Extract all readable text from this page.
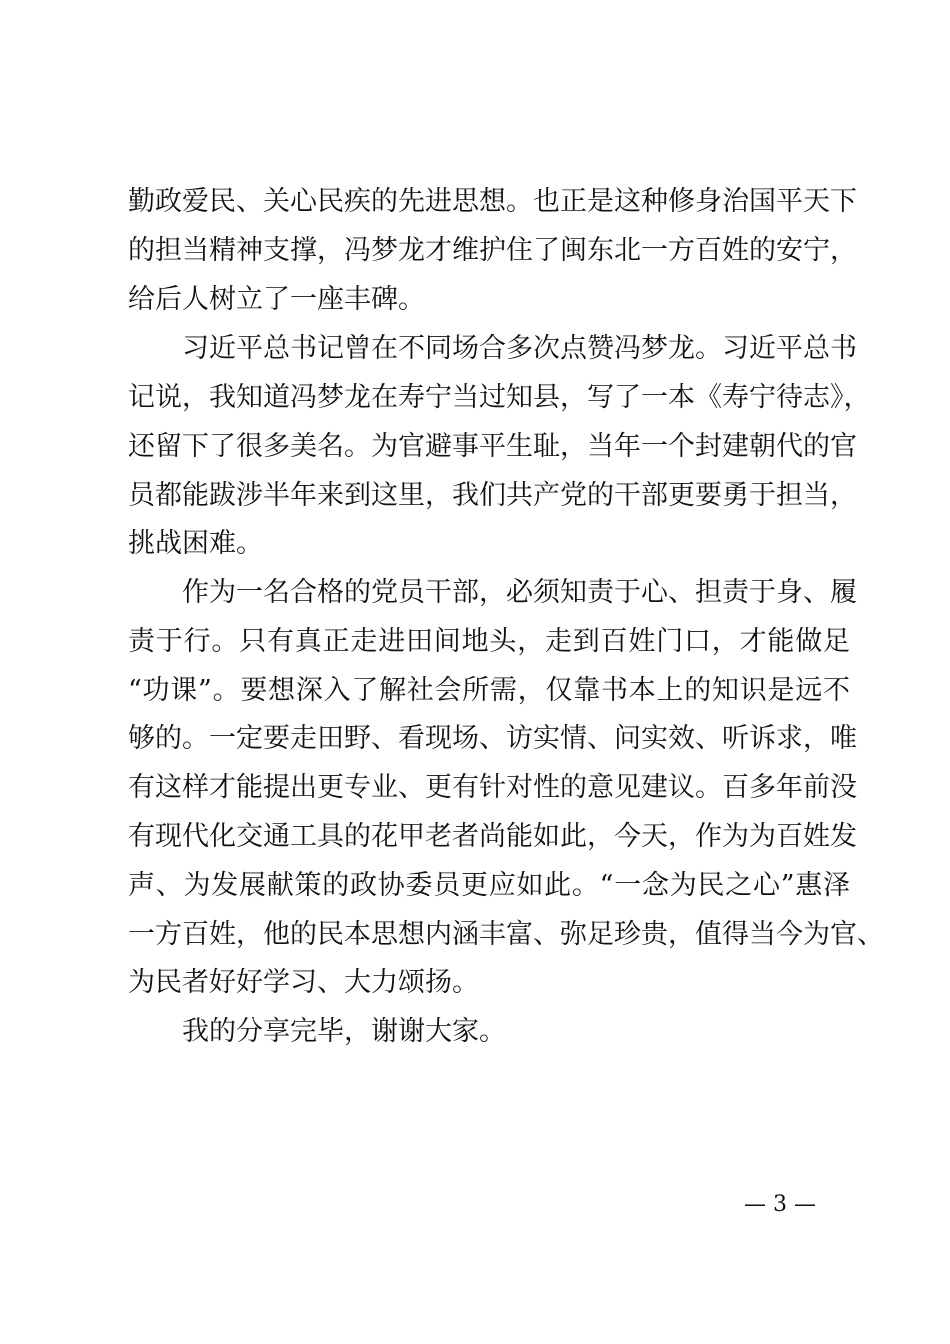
勤政爱民、关心民疾的先进思想。也正是这种修身治国平天下
的担当精神支撑，冯梦龙才维护住了闽东北一方百姓的安宁，
给后人树立了一座丰碑。
习近平总书记曾在不同场合多次点赞冯梦龙。习近平总书
记说，我知道冯梦龙在寿宁当过知县，写了一本《寿宁待志》，
还留下了很多美名。为官避事平生耻，当年一个封建朝代的官
员都能跋涉半年来到这里，我们共产党的干部更要勇于担当，
挑战困难。
作为一名合格的党员干部，必须知责于心、担责于身、履
责于行。只有真正走进田间地头，走到百姓门口，才能做足
“功课”。要想深入了解社会所需，仅靠书本上的知识是远不
够的。一定要走田野、看现场、访实情、问实效、听诉求，唯
有这样才能提出更专业、更有针对性的意见建议。百多年前没
有现代化交通工具的花甲老者尚能如此，今天，作为为百姓发
声、为发展献策的政协委员更应如此。“一念为民之心”惠泽
一方百姓，他的民本思想内涵丰富、弥足珍贵，值得当今为官、
为民者好好学习、大力颂扬。
我的分享完毕，谢谢大家。
— 3 —
